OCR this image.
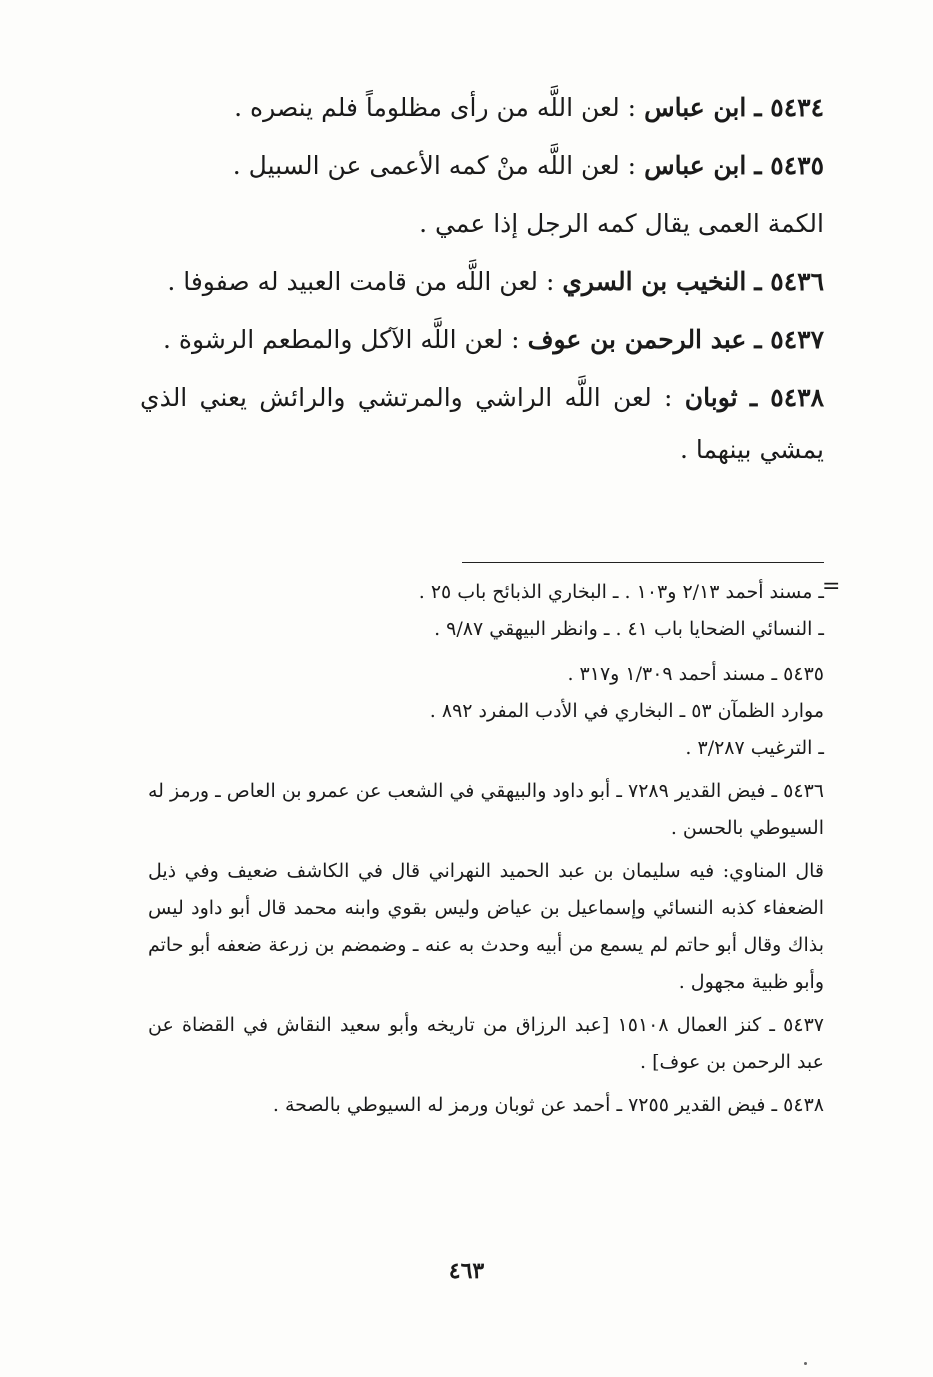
٥٤٣٤ ـ ابن عباس : لعن اللَّه من رأى مظلوماً فلم ينصره .

٥٤٣٥ ـ ابن عباس : لعن اللَّه منْ كمه الأعمى عن السبيل .

الكمة العمى يقال كمه الرجل إذا عمي .

٥٤٣٦ ـ النخيب بن السري : لعن اللَّه من قامت العبيد له صفوفا .

٥٤٣٧ ـ عبد الرحمن بن عوف : لعن اللَّه الآكل والمطعم الرشوة .

٥٤٣٨ ـ ثوبان : لعن اللَّه الراشي والمرتشي والرائش يعني الذي يمشي بينهما .

=

ـ مسند أحمد ٢/١٣ و١٠٣ . ـ البخاري الذبائح باب ٢٥ .

ـ النسائي الضحايا باب ٤١ . ـ وانظر البيهقي ٩/٨٧ .

٥٤٣٥ ـ مسند أحمد ١/٣٠٩ و٣١٧ .

موارد الظمآن ٥٣ ـ البخاري في الأدب المفرد ٨٩٢ .

ـ الترغيب ٣/٢٨٧ .

٥٤٣٦ ـ فيض القدير ٧٢٨٩ ـ أبو داود والبيهقي في الشعب عن عمرو بن العاص ـ ورمز له السيوطي بالحسن .

قال المناوي: فيه سليمان بن عبد الحميد النهراني قال في الكاشف ضعيف وفي ذيل الضعفاء كذبه النسائي وإسماعيل بن عياض وليس بقوي وابنه محمد قال أبو داود ليس بذاك وقال أبو حاتم لم يسمع من أبيه وحدث به عنه ـ وضمضم بن زرعة ضعفه أبو حاتم وأبو ظبية مجهول .

٥٤٣٧ ـ كنز العمال ١٥١٠٨ [عبد الرزاق من تاريخه وأبو سعيد النقاش في القضاة عن عبد الرحمن بن عوف] .

٥٤٣٨ ـ فيض القدير ٧٢٥٥ ـ أحمد عن ثوبان ورمز له السيوطي بالصحة .

٤٦٣
